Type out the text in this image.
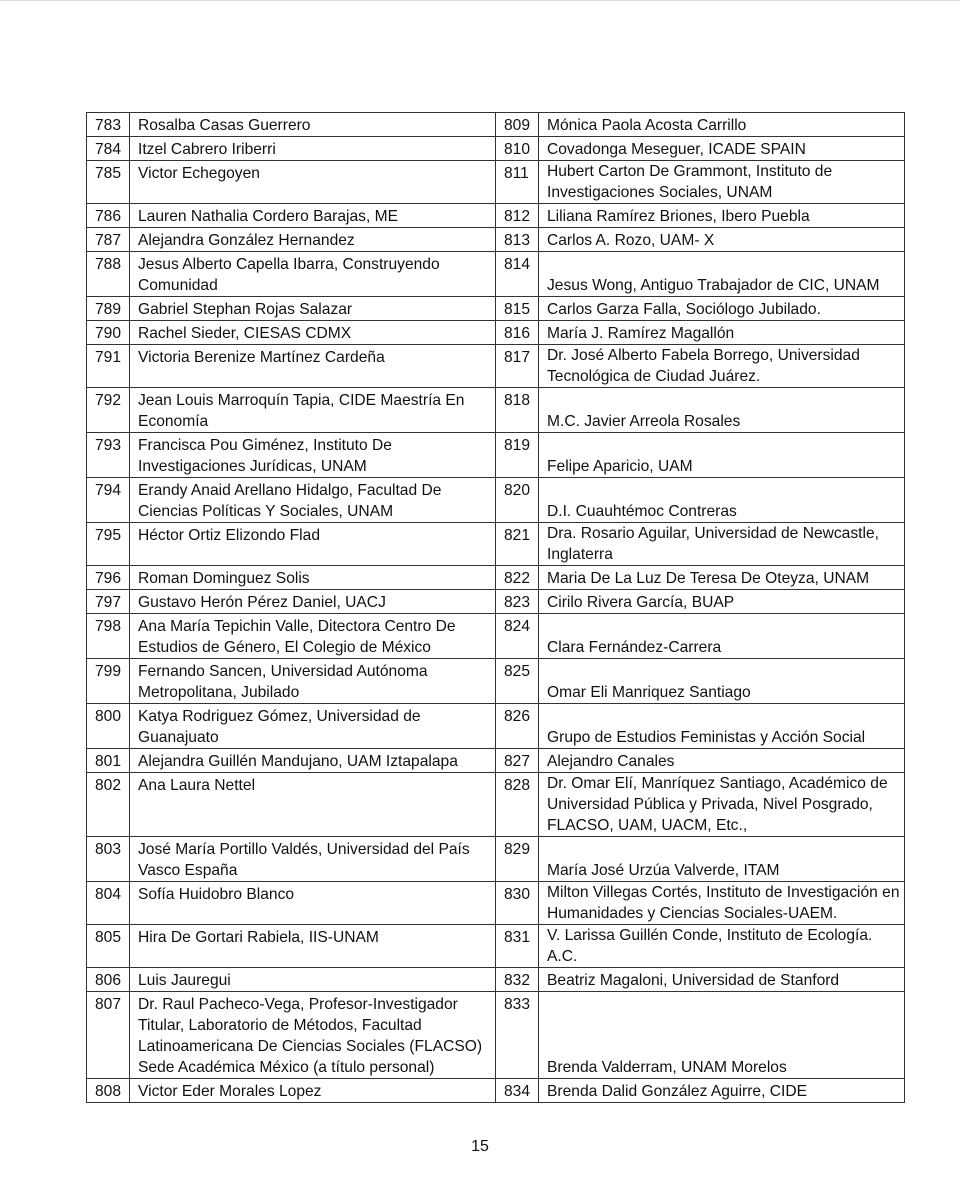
783	Rosalba Casas Guerrero	809	Mónica Paola Acosta Carrillo
784	Itzel Cabrero Iriberri	810	Covadonga Meseguer, ICADE SPAIN
785	Victor Echegoyen	811	Hubert Carton De Grammont, Instituto de Investigaciones Sociales, UNAM
786	Lauren Nathalia Cordero Barajas, ME	812	Liliana Ramírez Briones, Ibero Puebla
787	Alejandra González Hernandez	813	Carlos A. Rozo, UAM- X
788	Jesus Alberto Capella Ibarra, Construyendo Comunidad	814	Jesus Wong, Antiguo Trabajador de CIC, UNAM
789	Gabriel Stephan Rojas Salazar	815	Carlos Garza Falla, Sociólogo Jubilado.
790	Rachel Sieder, CIESAS CDMX	816	María J. Ramírez Magallón
791	Victoria Berenize Martínez Cardeña	817	Dr. José Alberto Fabela Borrego, Universidad Tecnológica de Ciudad Juárez.
792	Jean Louis Marroquín Tapia, CIDE Maestría En Economía	818	M.C. Javier Arreola Rosales
793	Francisca Pou Giménez, Instituto De Investigaciones Jurídicas, UNAM	819	Felipe Aparicio, UAM
794	Erandy Anaid Arellano Hidalgo, Facultad De Ciencias Políticas Y Sociales, UNAM	820	D.I. Cuauhtémoc Contreras
795	Héctor Ortiz Elizondo Flad	821	Dra. Rosario Aguilar, Universidad de Newcastle, Inglaterra
796	Roman Dominguez Solis	822	Maria De La Luz De Teresa De Oteyza, UNAM
797	Gustavo Herón Pérez Daniel, UACJ	823	Cirilo Rivera García, BUAP
798	Ana María Tepichin Valle, Ditectora Centro De Estudios de Género, El Colegio de México	824	Clara Fernández-Carrera
799	Fernando Sancen, Universidad Autónoma Metropolitana, Jubilado	825	Omar Eli Manriquez Santiago
800	Katya Rodriguez Gómez, Universidad de Guanajuato	826	Grupo de Estudios Feministas y Acción Social
801	Alejandra Guillén Mandujano, UAM Iztapalapa	827	Alejandro Canales
802	Ana Laura Nettel	828	Dr. Omar Elí, Manríquez Santiago, Académico de Universidad Pública y Privada, Nivel Posgrado, FLACSO, UAM, UACM, Etc.,
803	José María Portillo Valdés, Universidad del País Vasco España	829	María José Urzúa Valverde, ITAM
804	Sofía Huidobro Blanco	830	Milton Villegas Cortés, Instituto de Investigación en Humanidades y Ciencias Sociales-UAEM.
805	Hira De Gortari Rabiela, IIS-UNAM	831	V. Larissa Guillén Conde, Instituto de Ecología. A.C.
806	Luis Jauregui	832	Beatriz Magaloni, Universidad de Stanford
807	Dr. Raul Pacheco-Vega, Profesor-Investigador Titular, Laboratorio de Métodos, Facultad Latinoamericana De Ciencias Sociales (FLACSO) Sede Académica México (a título personal)	833	Brenda Valderram, UNAM Morelos
808	Victor Eder Morales Lopez	834	Brenda Dalid González Aguirre, CIDE
15
